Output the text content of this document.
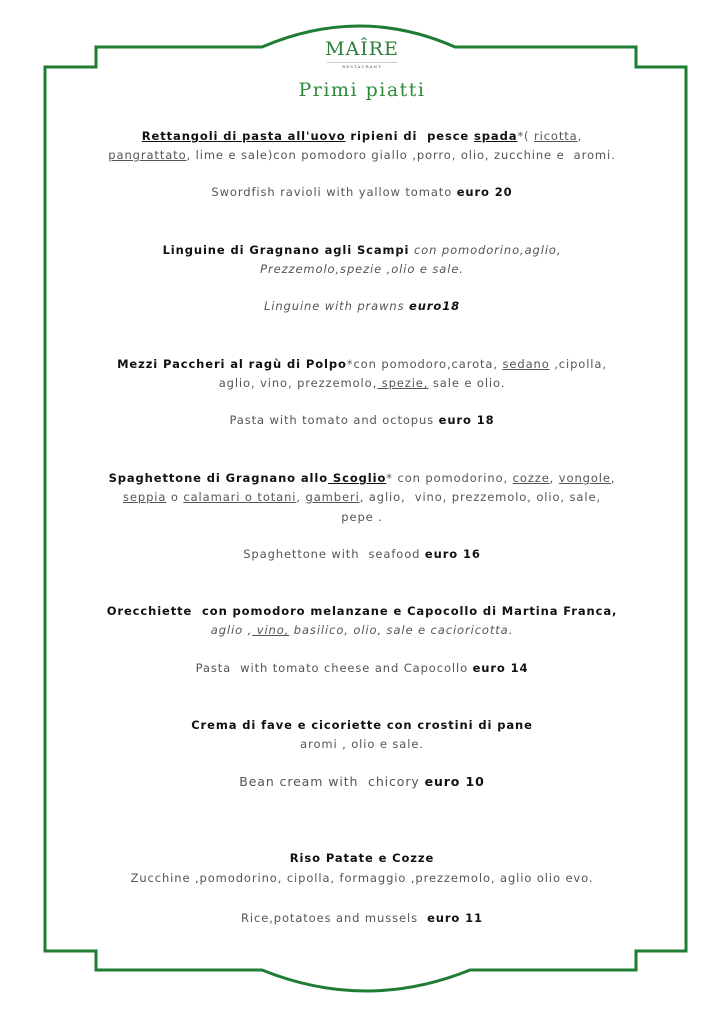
MAÎRE
RESTAURANT
Primi piatti
Rettangoli di pasta all'uovo ripieni di  pesce spada*( ricotta,
pangrattato, lime e sale)con pomodoro giallo ,porro, olio, zucchine e  aromi.
Swordfish ravioli with yallow tomato euro 20
Linguine di Gragnano agli Scampi con pomodorino,aglio,
Prezzemolo,spezie ,olio e sale.
Linguine with prawns euro18
Mezzi Paccheri al ragù di Polpo*con pomodoro,carota, sedano ,cipolla,
aglio, vino, prezzemolo, spezie, sale e olio.
Pasta with tomato and octopus euro 18
Spaghettone di Gragnano allo Scoglio* con pomodorino, cozze, vongole,
seppia o calamari o totani, gamberi, aglio,  vino, prezzemolo, olio, sale,
pepe .
Spaghettone with  seafood euro 16
Orecchiette  con pomodoro melanzane e Capocollo di Martina Franca,
aglio , vino, basilico, olio, sale e cacioricotta.
Pasta  with tomato cheese and Capocollo euro 14
Crema di fave e cicoriette con crostini di pane
aromi , olio e sale.
Bean cream with  chicory euro 10
Riso Patate e Cozze
Zucchine ,pomodorino, cipolla, formaggio ,prezzemolo, aglio olio evo.
Rice,potatoes and mussels  euro 11
